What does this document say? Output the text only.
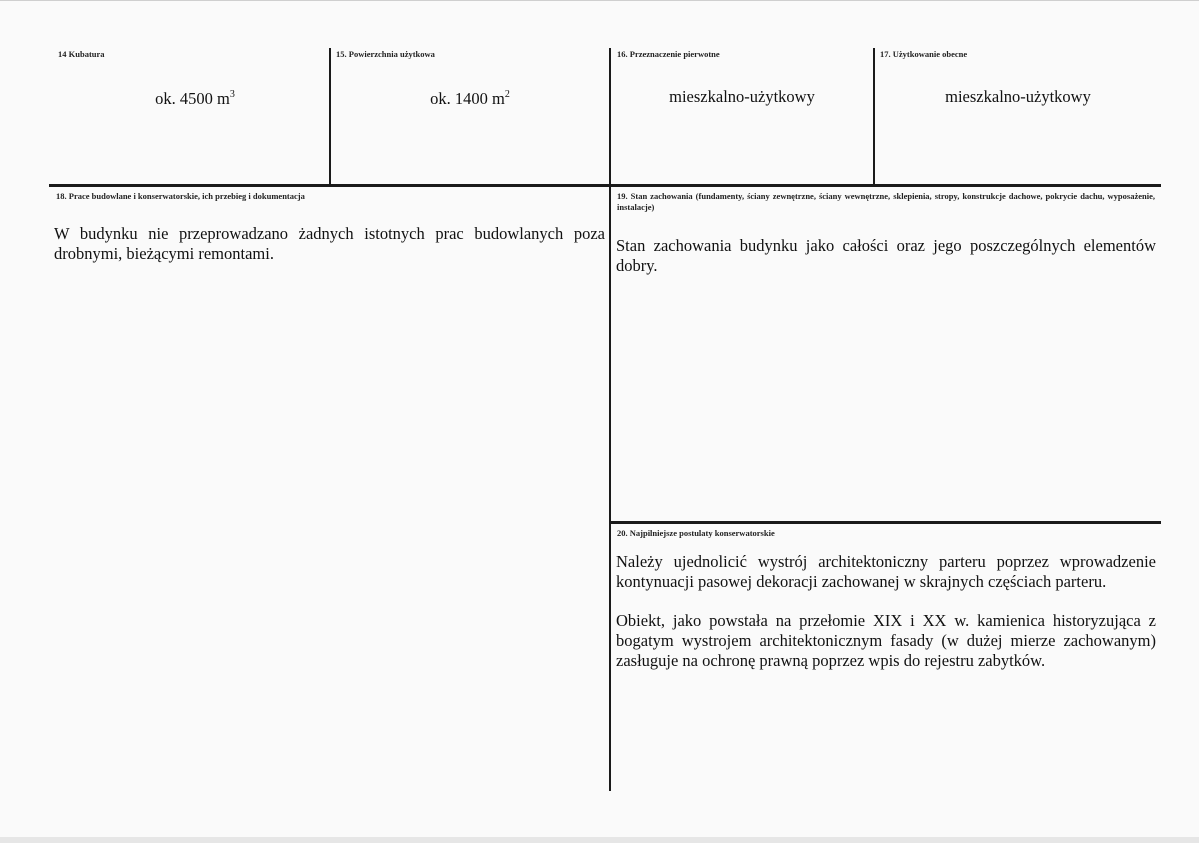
14 Kubatura
ok. 4500 $m^3$
15. Powierzchnia użytkowa
ok. 1400 $m^2$
16. Przeznaczenie pierwotne
mieszkalno-użytkowy
17. Użytkowanie obecne
mieszkalno-użytkowy
18. Prace budowlane i konserwatorskie, ich przebieg i dokumentacja
W budynku nie przeprowadzano żadnych istotnych prac budowlanych poza drobnymi, bieżącymi remontami.
19. Stan zachowania (fundamenty, ściany zewnętrzne, ściany wewnętrzne, sklepienia, stropy, konstrukcje dachowe, pokrycie dachu, wyposażenie, instalacje)
Stan zachowania budynku jako całości oraz jego poszczególnych elementów dobry.
20. Najpilniejsze postulaty konserwatorskie
Należy ujednolicić wystrój architektoniczny parteru poprzez wprowadzenie kontynuacji pasowej dekoracji zachowanej w skrajnych częściach parteru.
Obiekt, jako powstała na przełomie XIX i XX w. kamienica historyzująca z bogatym wystrojem architektonicznym fasady (w dużej mierze zachowanym) zasługuje na ochronę prawną poprzez wpis do rejestru zabytków.
